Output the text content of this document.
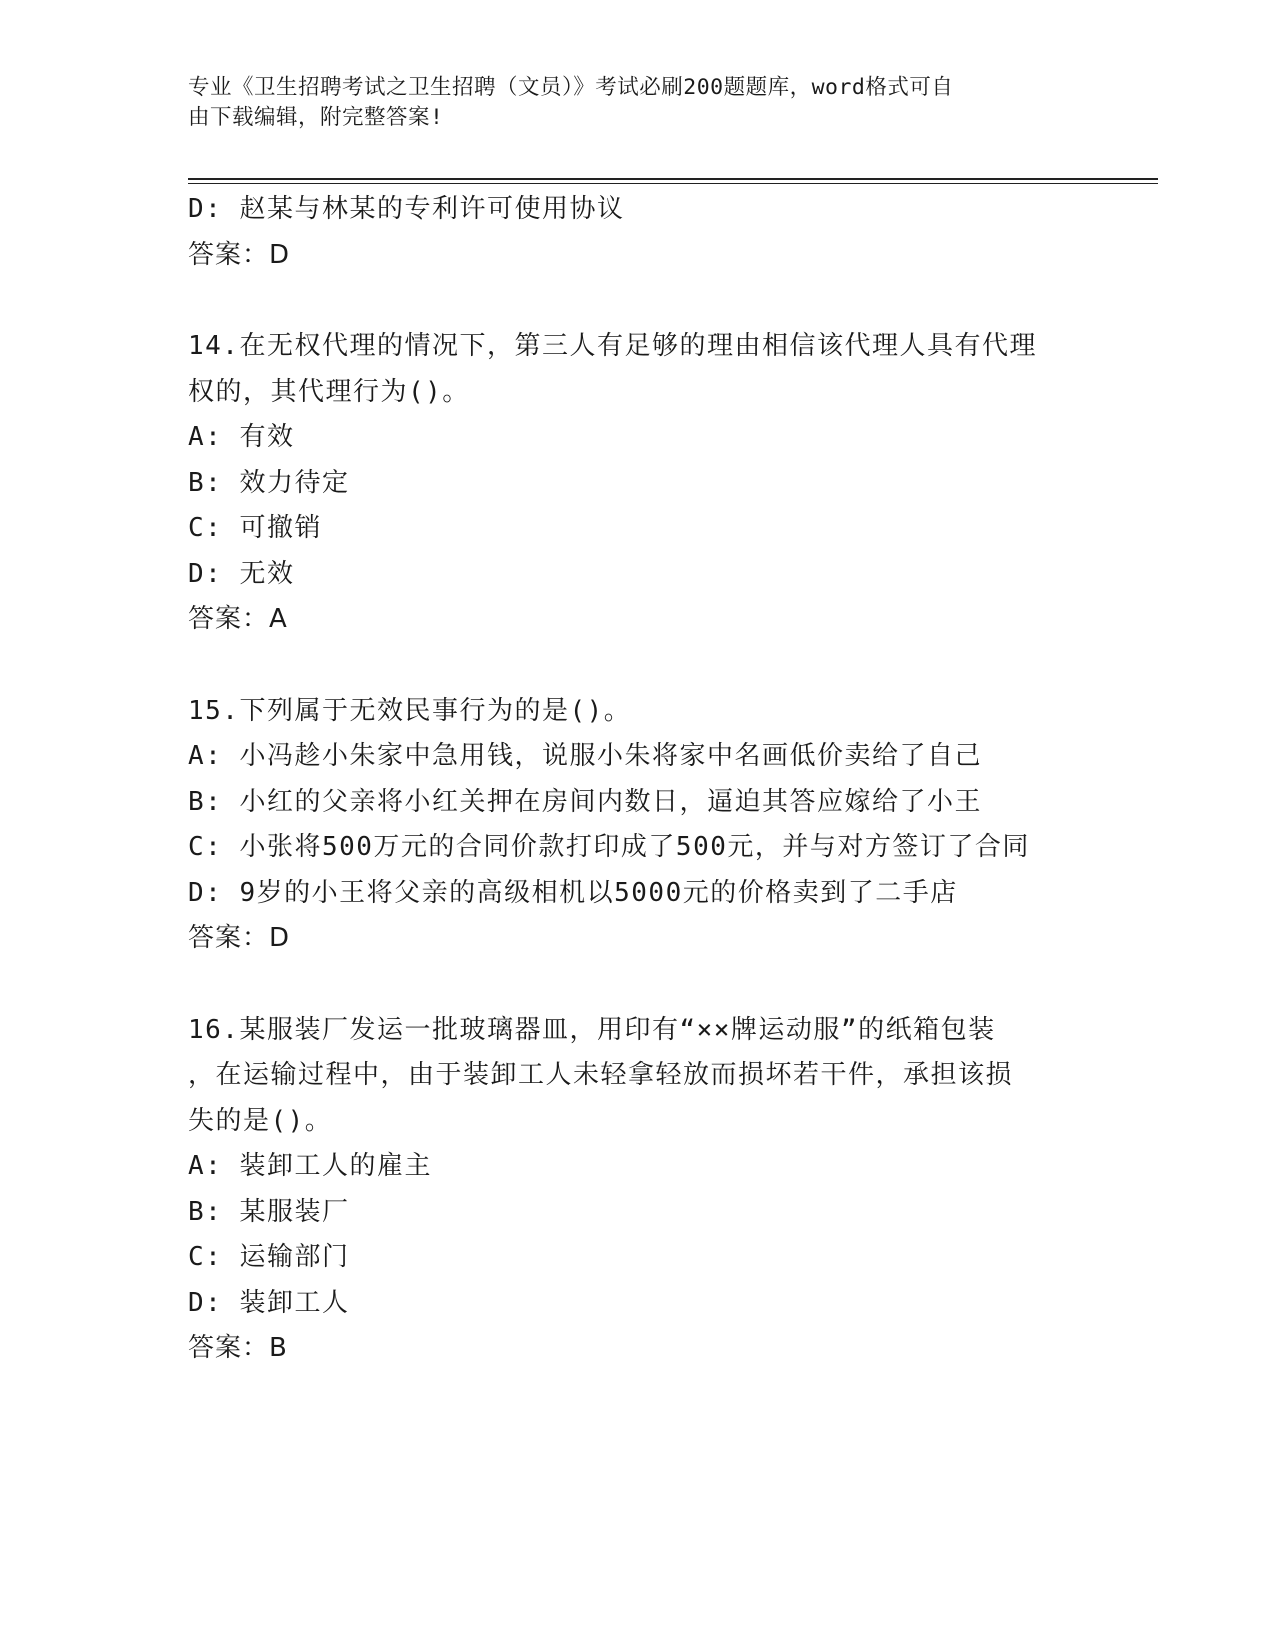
专业《卫生招聘考试之卫生招聘（文员）》考试必刷200题题库，word格式可自
由下载编辑，附完整答案!
D: 赵某与林某的专利许可使用协议
答案：D
14.在无权代理的情况下，第三人有足够的理由相信该代理人具有代理
权的，其代理行为()。
A: 有效
B: 效力待定
C: 可撤销
D: 无效
答案：A
15.下列属于无效民事行为的是()。
A: 小冯趁小朱家中急用钱，说服小朱将家中名画低价卖给了自己
B: 小红的父亲将小红关押在房间内数日，逼迫其答应嫁给了小王
C: 小张将500万元的合同价款打印成了500元，并与对方签订了合同
D: 9岁的小王将父亲的高级相机以5000元的价格卖到了二手店
答案：D
16.某服装厂发运一批玻璃器皿，用印有“××牌运动服”的纸箱包装
，在运输过程中，由于装卸工人未轻拿轻放而损坏若干件，承担该损
失的是()。
A: 装卸工人的雇主
B: 某服装厂
C: 运输部门
D: 装卸工人
答案：B
